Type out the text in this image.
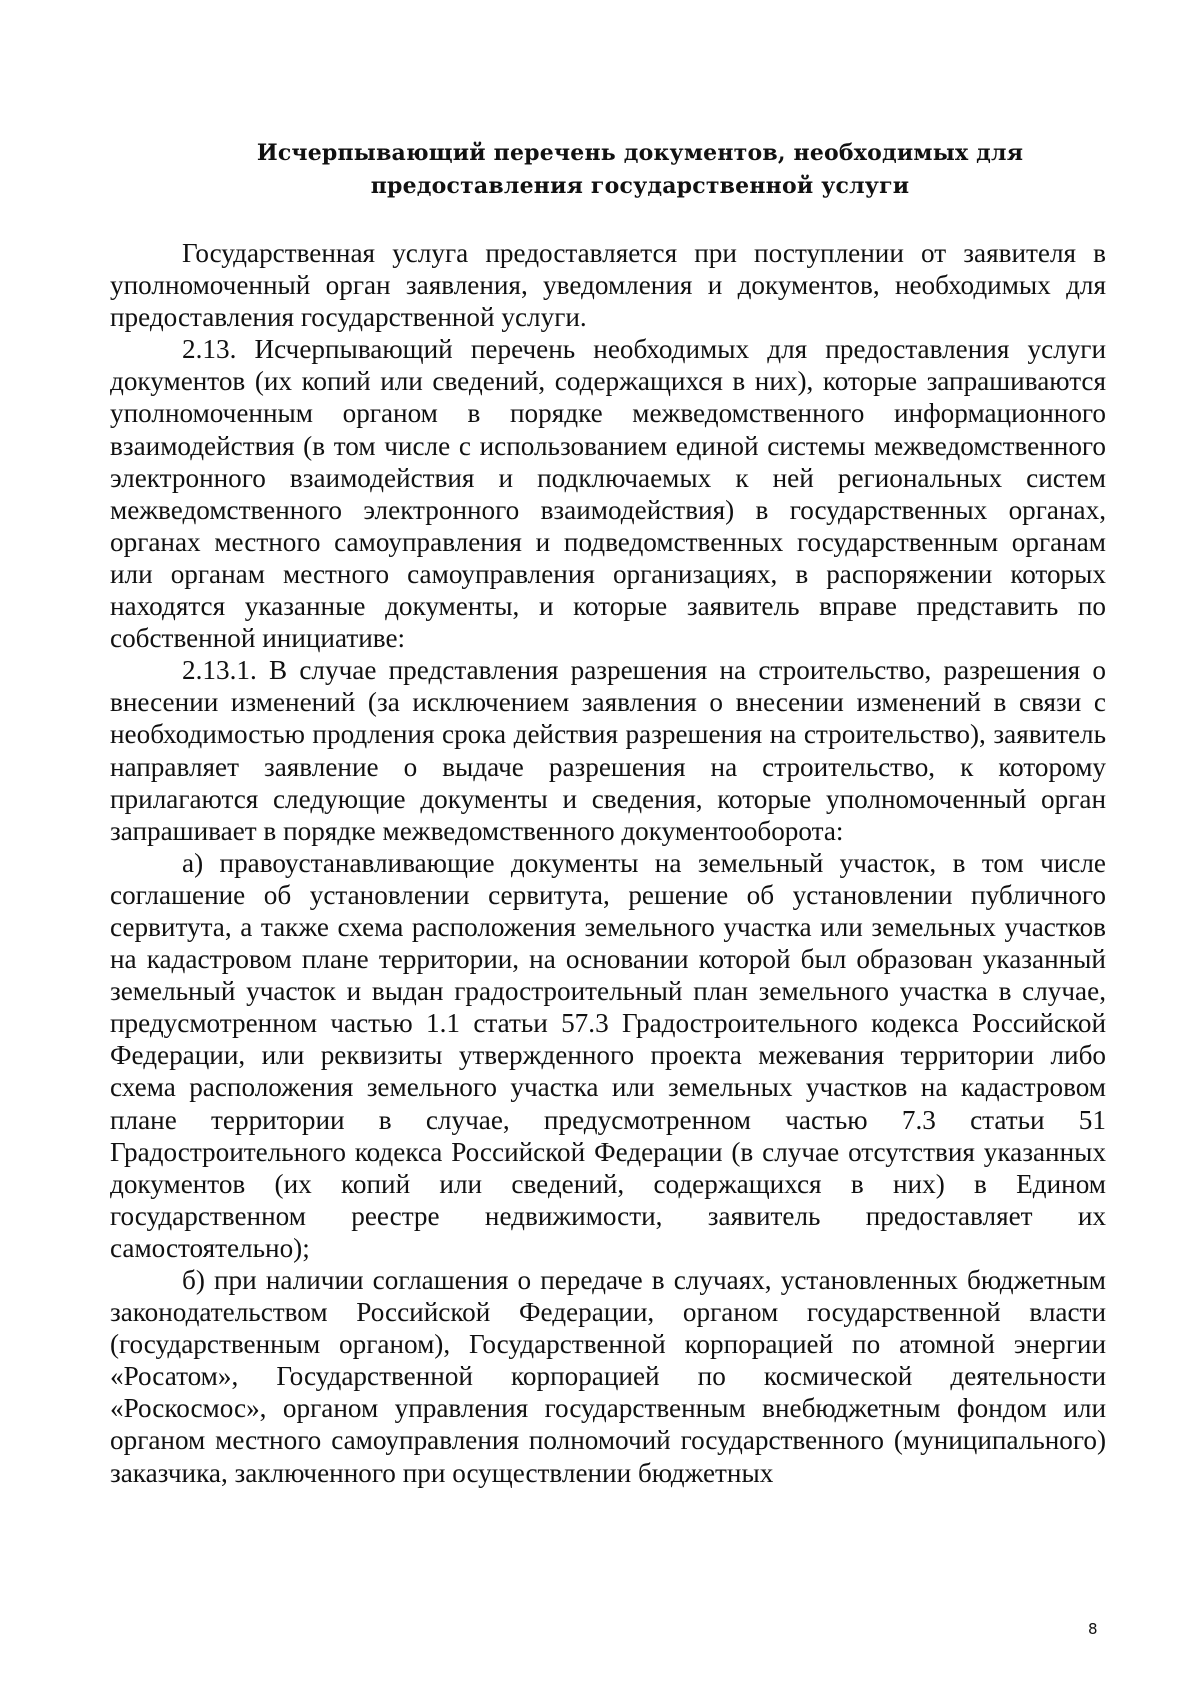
Исчерпывающий перечень документов, необходимых для
предоставления государственной услуги

Государственная услуга предоставляется при поступлении от заявителя в уполномоченный орган заявления, уведомления и документов, необходимых для предоставления государственной услуги.

2.13. Исчерпывающий перечень необходимых для предоставления услуги документов (их копий или сведений, содержащихся в них), которые запрашиваются уполномоченным органом в порядке межведомственного информационного взаимодействия (в том числе с использованием единой системы межведомственного электронного взаимодействия и подключаемых к ней региональных систем межведомственного электронного взаимодействия) в государственных органах, органах местного самоуправления и подведомственных государственным органам или органам местного самоуправления организациях, в распоряжении которых находятся указанные документы, и которые заявитель вправе представить по собственной инициативе:

2.13.1. В случае представления разрешения на строительство, разрешения о внесении изменений (за исключением заявления о внесении изменений в связи с необходимостью продления срока действия разрешения на строительство), заявитель направляет заявление о выдаче разрешения на строительство, к которому прилагаются следующие документы и сведения, которые уполномоченный орган запрашивает в порядке межведомственного документооборота:

а) правоустанавливающие документы на земельный участок, в том числе соглашение об установлении сервитута, решение об установлении публичного сервитута, а также схема расположения земельного участка или земельных участков на кадастровом плане территории, на основании которой был образован указанный земельный участок и выдан градостроительный план земельного участка в случае, предусмотренном частью 1.1 статьи 57.3 Градостроительного кодекса Российской Федерации, или реквизиты утвержденного проекта межевания территории либо схема расположения земельного участка или земельных участков на кадастровом плане территории в случае, предусмотренном частью 7.3 статьи 51 Градостроительного кодекса Российской Федерации (в случае отсутствия указанных документов (их копий или сведений, содержащихся в них) в Едином государственном реестре недвижимости, заявитель предоставляет их самостоятельно);

б) при наличии соглашения о передаче в случаях, установленных бюджетным законодательством Российской Федерации, органом государственной власти (государственным органом), Государственной корпорацией по атомной энергии «Росатом», Государственной корпорацией по космической деятельности «Роскосмос», органом управления государственным внебюджетным фондом или органом местного самоуправления полномочий государственного (муниципального) заказчика, заключенного при осуществлении бюджетных

8
